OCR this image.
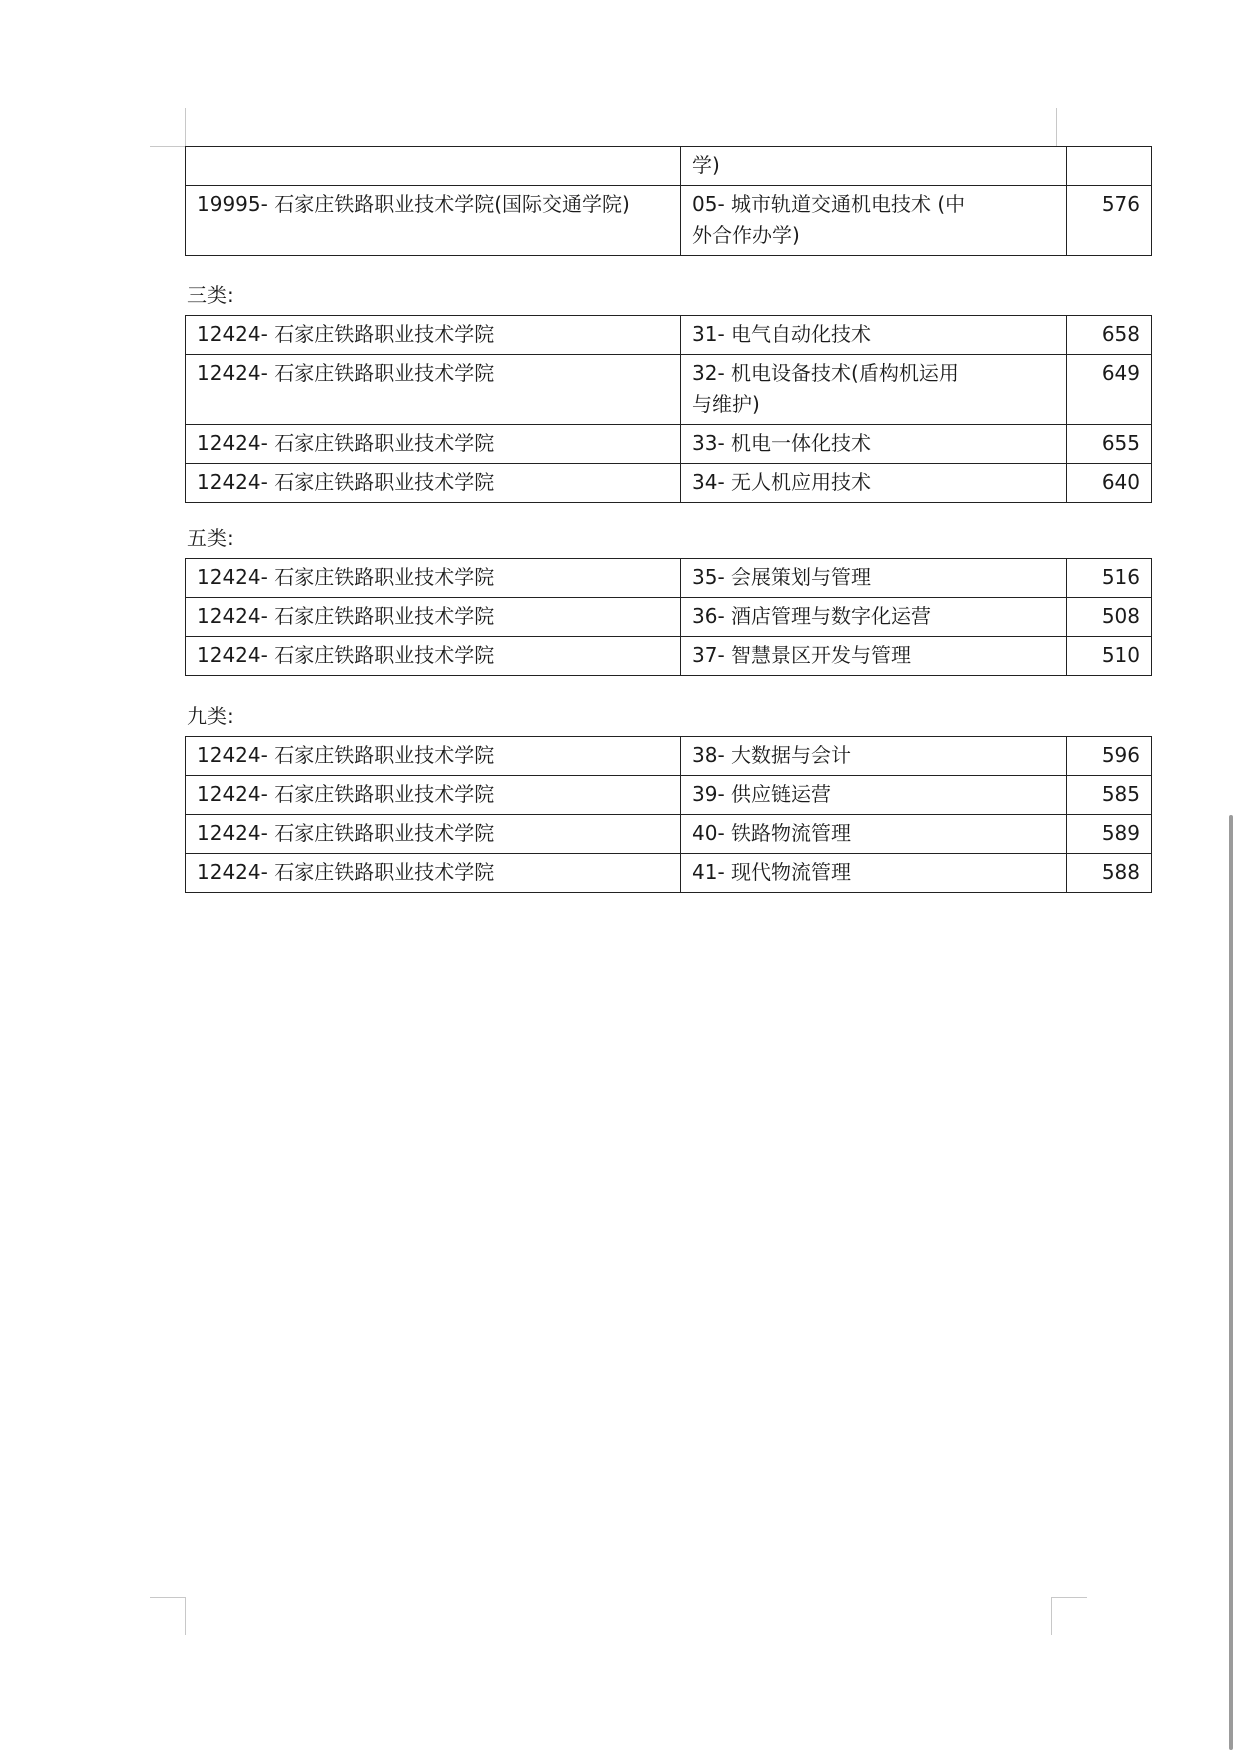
	学)	

19995- 石家庄铁路职业技术学院(国际交通学院)	05- 城市轨道交通机电技术 (中
外合作办学)	576
三类:
12424- 石家庄铁路职业技术学院	31- 电气自动化技术	658
12424- 石家庄铁路职业技术学院	32- 机电设备技术(盾构机运用
与维护)	649
12424- 石家庄铁路职业技术学院	33- 机电一体化技术	655
12424- 石家庄铁路职业技术学院	34- 无人机应用技术	640
五类:
12424- 石家庄铁路职业技术学院	35- 会展策划与管理	516
12424- 石家庄铁路职业技术学院	36- 酒店管理与数字化运营	508
12424- 石家庄铁路职业技术学院	37- 智慧景区开发与管理	510
九类:
12424- 石家庄铁路职业技术学院	38- 大数据与会计	596
12424- 石家庄铁路职业技术学院	39- 供应链运营	585
12424- 石家庄铁路职业技术学院	40- 铁路物流管理	589
12424- 石家庄铁路职业技术学院	41- 现代物流管理	588
